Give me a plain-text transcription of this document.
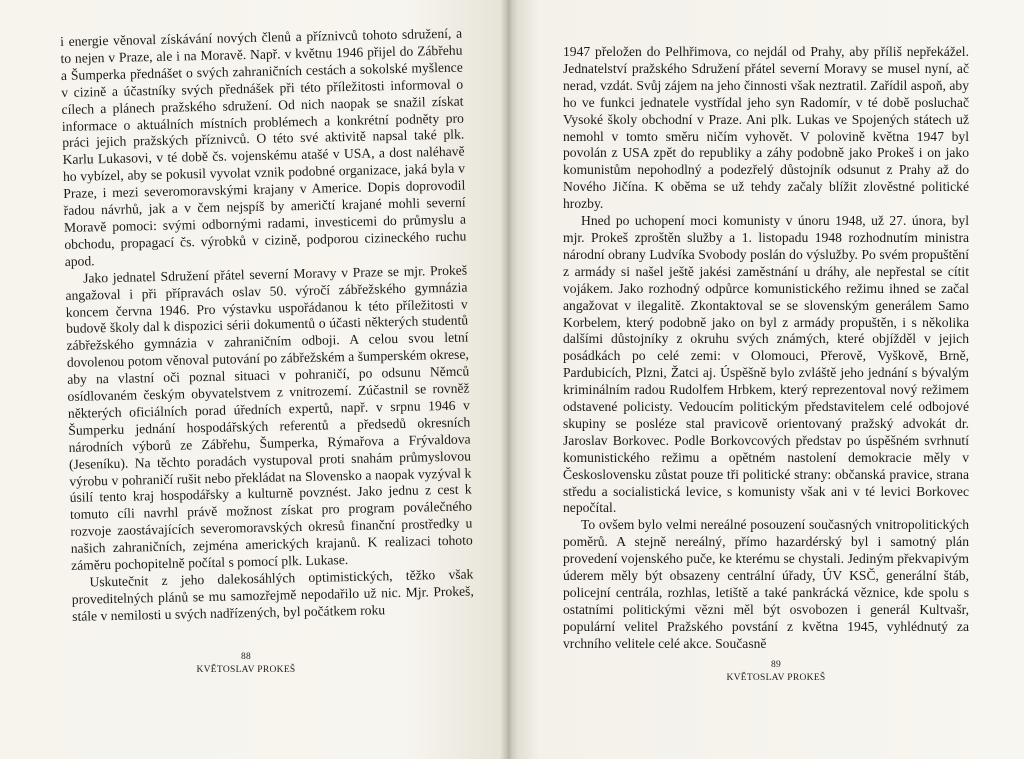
i energie věnoval získávání nových členů a příznivců tohoto sdružení, a to nejen v Praze, ale i na Moravě. Např. v květnu 1946 přijel do Zábřehu a Šumperka přednášet o svých zahraničních cestách a sokolské myšlence v cizině a účastníky svých přednášek při této příležitosti informoval o cílech a plánech pražského sdružení. Od nich naopak se snažil získat informace o aktuálních místních problémech a konkrétní podněty pro práci jejich pražských příznivců. O této své aktivitě napsal také plk. Karlu Lukasovi, v té době čs. vojenskému atašé v USA, a dost naléhavě ho vybízel, aby se pokusil vyvolat vznik podobné organizace, jaká byla v Praze, i mezi severomoravskými krajany v Americe. Dopis doprovodil řadou návrhů, jak a v čem nejspíš by američtí krajané mohli severní Moravě pomoci: svými odbornými radami, investicemi do průmyslu a obchodu, propagací čs. výrobků v cizině, podporou cizineckého ruchu apod.

Jako jednatel Sdružení přátel severní Moravy v Praze se mjr. Prokeš angažoval i při přípravách oslav 50. výročí zábřežského gymnázia koncem června 1946. Pro výstavku uspořádanou k této příležitosti v budově školy dal k dispozici sérii dokumentů o účasti některých studentů zábřežského gymnázia v zahraničním odboji. A celou svou letní dovolenou potom věnoval putování po zábřežském a šumperském okrese, aby na vlastní oči poznal situaci v pohraničí, po odsunu Němců osídlovaném českým obyvatelstvem z vnitrozemí. Zúčastnil se rovněž některých oficiálních porad úředních expertů, např. v srpnu 1946 v Šumperku jednání hospodářských referentů a předsedů okresních národních výborů ze Zábřehu, Šumperka, Rýmařova a Frývaldova (Jeseníku). Na těchto poradách vystupoval proti snahám průmyslovou výrobu v pohraničí rušit nebo překládat na Slovensko a naopak vyzýval k úsilí tento kraj hospodářsky a kulturně povznést. Jako jednu z cest k tomuto cíli navrhl právě možnost získat pro program poválečného rozvoje zaostávajících severomoravských okresů finanční prostředky u našich zahraničních, zejména amerických krajanů. K realizaci tohoto záměru pochopitelně počítal s pomocí plk. Lukase.

Uskutečnit z jeho dalekosáhlých optimistických, těžko však proveditelných plánů se mu samozřejmě nepodařilo už nic. Mjr. Prokeš, stále v nemilosti u svých nadřízených, byl počátkem roku

88
KVĚTOSLAV PROKEŠ

1947 přeložen do Pelhřimova, co nejdál od Prahy, aby příliš nepřekážel. Jednatelství pražského Sdružení přátel severní Moravy se musel nyní, ač nerad, vzdát. Svůj zájem na jeho činnosti však neztratil. Zařídil aspoň, aby ho ve funkci jednatele vystřídal jeho syn Radomír, v té době posluchač Vysoké školy obchodní v Praze. Ani plk. Lukas ve Spojených státech už nemohl v tomto směru ničím vyhovět. V polovině května 1947 byl povolán z USA zpět do republiky a záhy podobně jako Prokeš i on jako komunistům nepohodlný a podezřelý důstojník odsunut z Prahy až do Nového Jičína. K oběma se už tehdy začaly blížit zlověstné politické hrozby.

Hned po uchopení moci komunisty v únoru 1948, už 27. února, byl mjr. Prokeš zproštěn služby a 1. listopadu 1948 rozhodnutím ministra národní obrany Ludvíka Svobody poslán do výslužby. Po svém propuštění z armády si našel ještě jakési zaměstnání u dráhy, ale nepřestal se cítit vojákem. Jako rozhodný odpůrce komunistického režimu ihned se začal angažovat v ilegalitě. Zkontaktoval se se slovenským generálem Samo Korbelem, který podobně jako on byl z armády propuštěn, i s několika dalšími důstojníky z okruhu svých známých, které objížděl v jejich posádkách po celé zemi: v Olomouci, Přerově, Vyškově, Brně, Pardubicích, Plzni, Žatci aj. Úspěšně bylo zvláště jeho jednání s bývalým kriminálním radou Rudolfem Hrbkem, který reprezentoval nový režimem odstavené policisty. Vedoucím politickým představitelem celé odbojové skupiny se posléze stal pravicově orientovaný pražský advokát dr. Jaroslav Borkovec. Podle Borkovcových představ po úspěšném svrhnutí komunistického režimu a opětném nastolení demokracie měly v Československu zůstat pouze tři politické strany: občanská pravice, strana středu a socialistická levice, s komunisty však ani v té levici Borkovec nepočítal.

To ovšem bylo velmi nereálné posouzení současných vnitropolitických poměrů. A stejně nereálný, přímo hazardérský byl i samotný plán provedení vojenského puče, ke kterému se chystali. Jediným překvapivým úderem měly být obsazeny centrální úřady, ÚV KSČ, generální štáb, policejní centrála, rozhlas, letiště a také pankrácká věznice, kde spolu s ostatními politickými vězni měl být osvobozen i generál Kultvašr, populární velitel Pražského povstání z května 1945, vyhlédnutý za vrchního velitele celé akce. Současně

89
KVĚTOSLAV PROKEŠ
